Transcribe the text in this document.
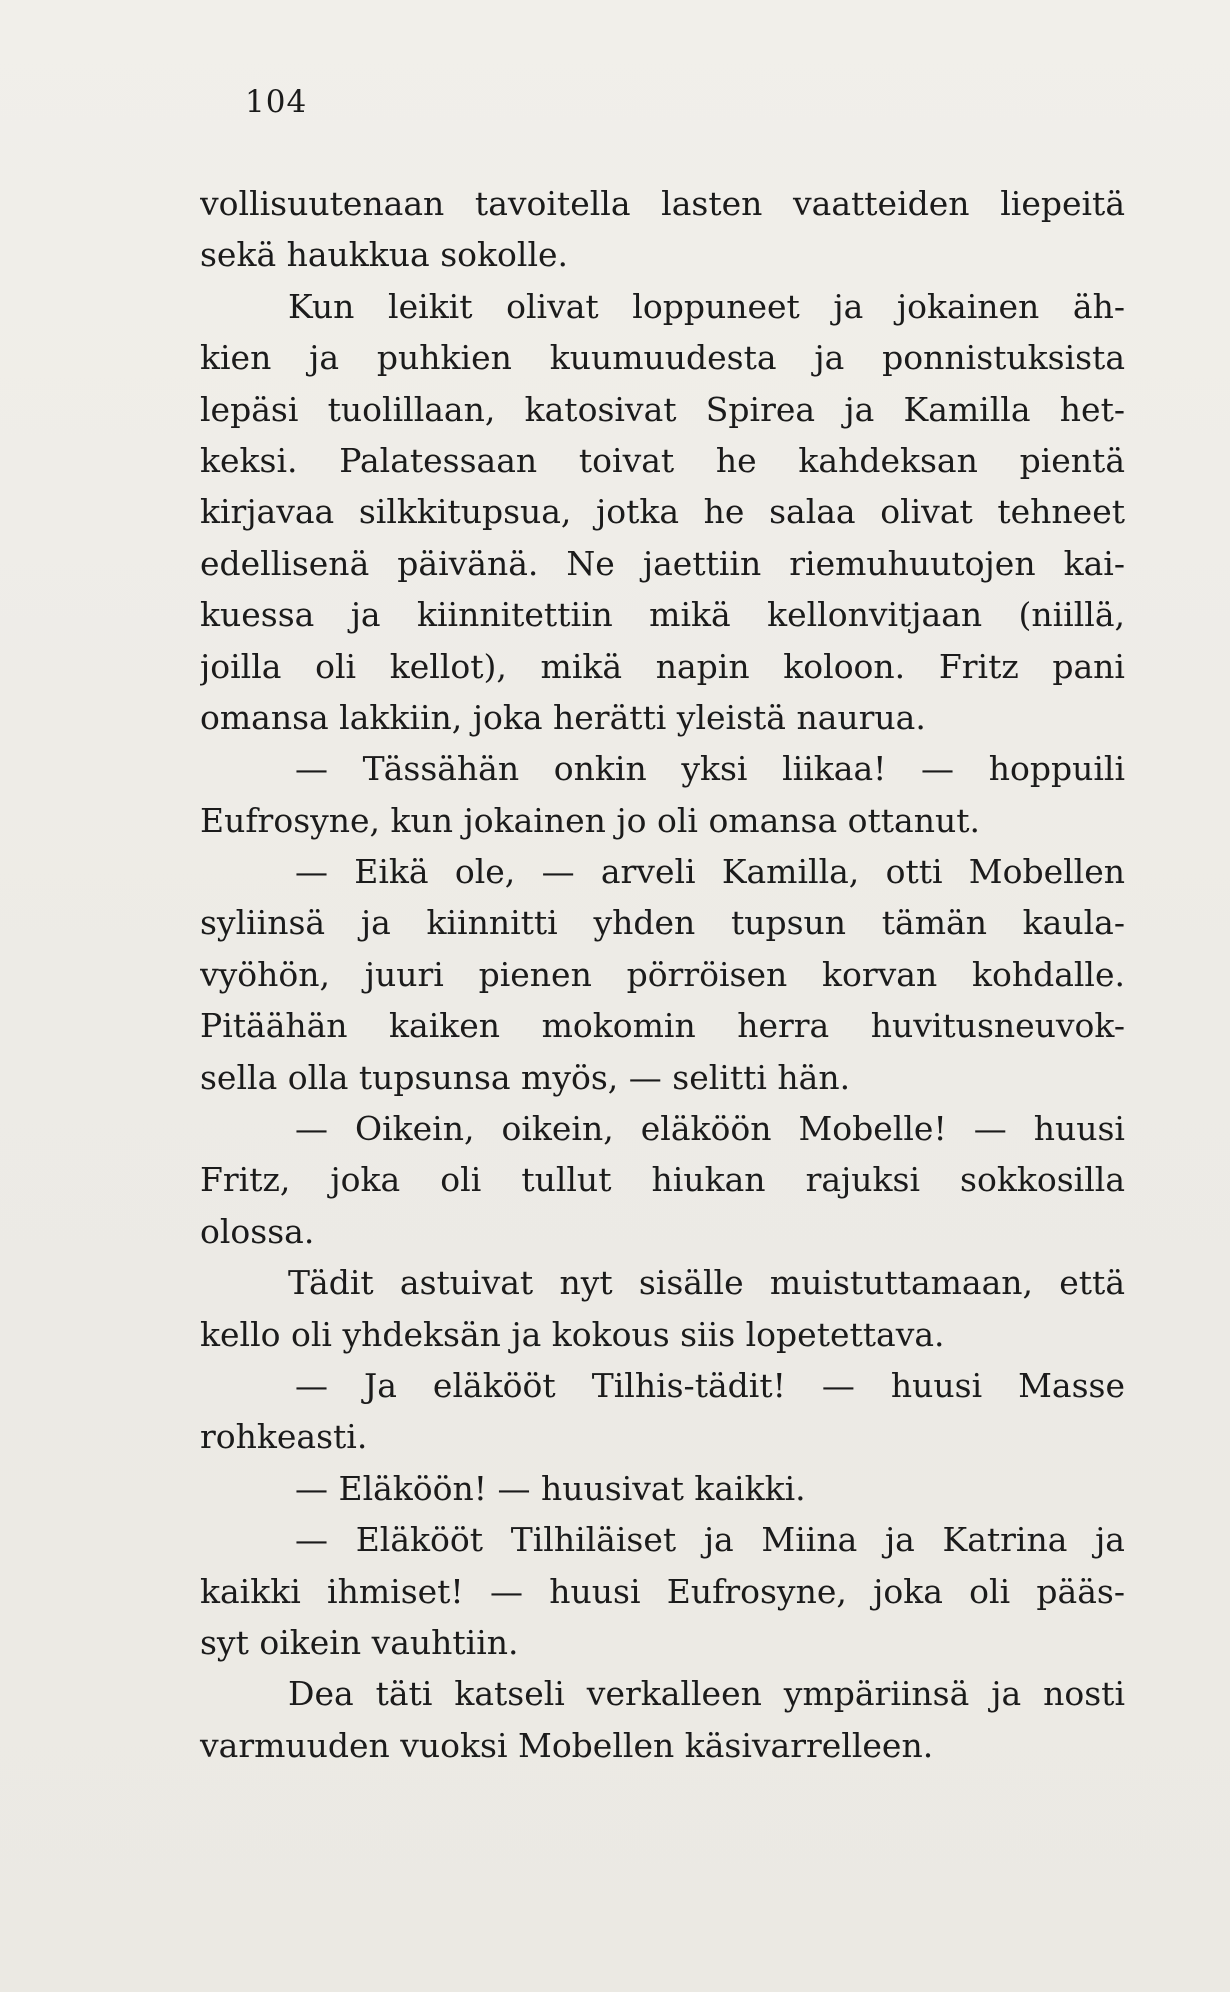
104
vollisuutenaan tavoitella lasten vaatteiden liepeitä
sekä haukkua sokolle.
Kun leikit olivat loppuneet ja jokainen äh-
kien ja puhkien kuumuudesta ja ponnistuksista
lepäsi tuolillaan, katosivat Spirea ja Kamilla het-
keksi. Palatessaan toivat he kahdeksan pientä
kirjavaa silkkitupsua, jotka he salaa olivat tehneet
edellisenä päivänä. Ne jaettiin riemuhuutojen kai-
kuessa ja kiinnitettiin mikä kellonvitjaan (niillä,
joilla oli kellot), mikä napin koloon. Fritz pani
omansa lakkiin, joka herätti yleistä naurua.
— Tässähän onkin yksi liikaa! — hoppuili
Eufrosyne, kun jokainen jo oli omansa ottanut.
— Eikä ole, — arveli Kamilla, otti Mobellen
syliinsä ja kiinnitti yhden tupsun tämän kaula-
vyöhön, juuri pienen pörröisen korvan kohdalle.
Pitäähän kaiken mokomin herra huvitusneuvok-
sella olla tupsunsa myös, — selitti hän.
— Oikein, oikein, eläköön Mobelle! — huusi
Fritz, joka oli tullut hiukan rajuksi sokkosilla
olossa.
Tädit astuivat nyt sisälle muistuttamaan, että
kello oli yhdeksän ja kokous siis lopetettava.
— Ja eläkööt Tilhis-tädit! — huusi Masse
rohkeasti.
— Eläköön! — huusivat kaikki.
— Eläkööt Tilhiläiset ja Miina ja Katrina ja
kaikki ihmiset! — huusi Eufrosyne, joka oli pääs-
syt oikein vauhtiin.
Dea täti katseli verkalleen ympäriinsä ja nosti
varmuuden vuoksi Mobellen käsivarrelleen.
